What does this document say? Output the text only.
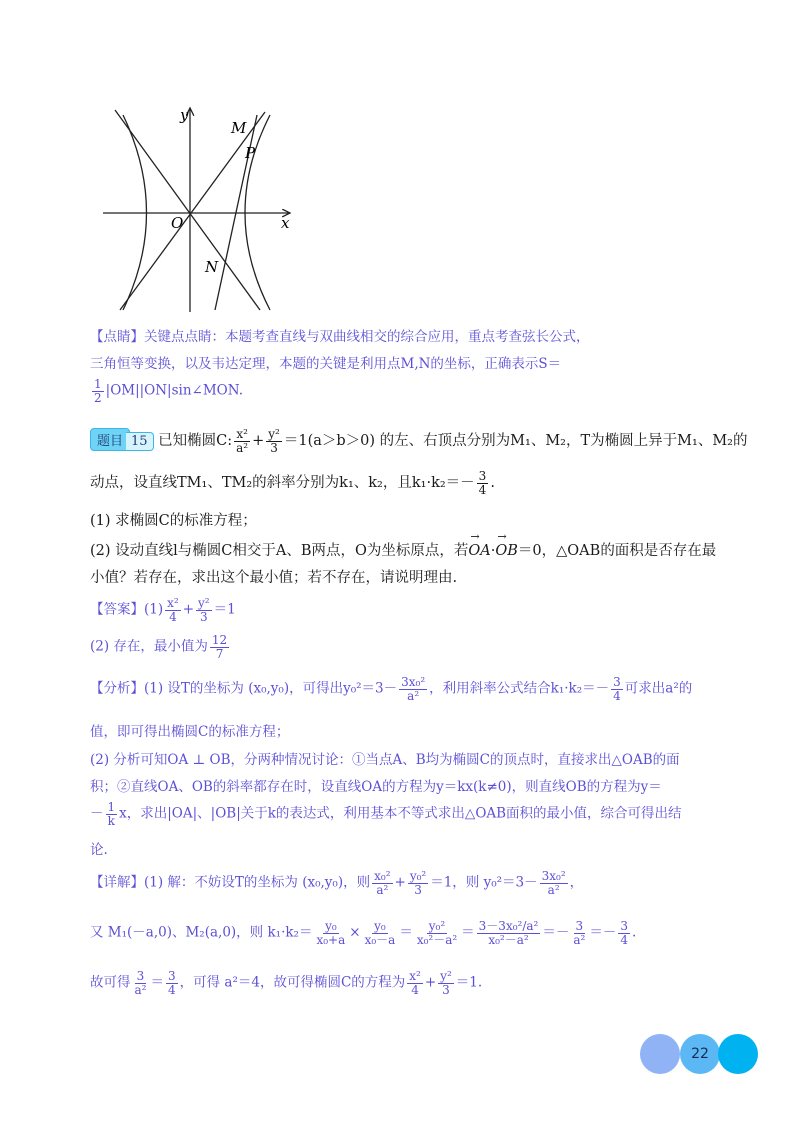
y
x
M
P
O
N
【点睛】关键点点睛：本题考查直线与双曲线相交的综合应用，重点考查弦长公式，
三角恒等变换，以及韦达定理，本题的关键是利用点M,N的坐标，正确表示S＝
$\frac{1}{2}$ |OM||ON|sin∠MON.
题目 15 已知椭圆C: $\frac{\text{x²}}{\text{a²}} + \frac{\text{y²}}{3} =1(a>b>0)$ 的左、右顶点分别为M₁、M₂，T为椭圆上异于M₁、M₂的
动点，设直线TM₁、TM₂的斜率分别为k₁、k₂，且$k_1\cdot k_2=- \frac{3}{4}$ .
(1) 求椭圆C的标准方程；
(2) 设动直线l与椭圆C相交于A、B两点，O为坐标原点，若→ OA·→ OB＝0，△OAB的面积是否存在最
小值？若存在，求出这个最小值；若不存在，请说明理由.
【答案】$(1) \frac{\text{x²}}{4} + \frac{\text{y²}}{3} =1$
(2) 存在，最小值为 $\frac{12}{7}$
【分析】(1) 设T的坐标为 (x₀,y₀)，可得出$y_0^2=3- \frac{\text{3x₀²}}{\text{a²}}$ ，利用斜率公式结合$k_1\cdot k_2=- \frac{3}{4}$ 可求出a²的
值，即可得出椭圆C的标准方程；
(2) 分析可知OA ⊥ OB，分两种情况讨论：①当点A、B均为椭圆C的顶点时，直接求出△OAB的面
积；②直线OA、OB的斜率都存在时，设直线OA的方程为y＝kx(k≠0)，则直线OB的方程为y＝
－ $\frac{1}{k}$ x，求出|OA|、|OB|关于k的表达式，利用基本不等式求出△OAB面积的最小值，综合可得出结
论.
【详解】(1) 解：不妨设T的坐标为 (x₀,y₀)，则 $\frac{\text{x₀²}}{\text{a²}} + \frac{\text{y₀²}}{3} =1$，则 $y_0^2=3- \frac{\text{3x₀²}}{\text{a²}}$ ，
又 M₁(－a,0)、M₂(a,0)，则 $k_1\cdot k_2= \frac{\text{y₀}}{\text{x₀+a}} \times \frac{\text{y₀}}{\text{x₀－a}} = \frac{\text{y₀²}}{\text{x₀²－a²}} = \frac{\text{3－3x₀²/a²}}{\text{x₀²－a²}} =- \frac{3}{\text{a²}} =- \frac{3}{4}$ .
故可得 $\frac{3}{\text{a²}} = \frac{3}{4}$ ，可得 a²＝4，故可得椭圆C的方程为 $\frac{\text{x²}}{4} + \frac{\text{y²}}{3} =1$.
22
